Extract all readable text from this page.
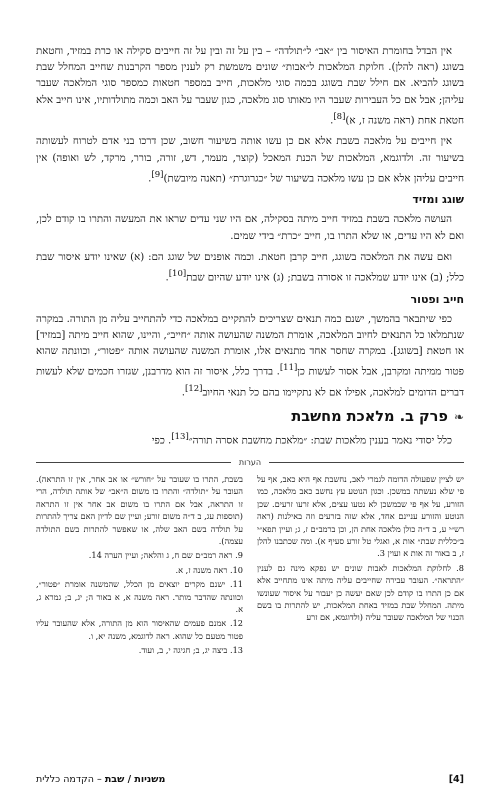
אין הבדל בחומרת האיסור בין ״אב״ ל״תולדה״ – בין על זה ובין על זה חייבים סקילה או כרת במזיד, וחטאת בשוגג (ראה להלן). חלוקת המלאכות ל״אבות״ שונים משמשת רק לענין מספר הקרבנות שחייב המחלל שבת בשוגג להביא. אם חילל שבת בשוגג בכמה סוגי מלאכות, חייב במספר חטאות כמספר סוגי המלאכה שעבר עליהן; אבל אם כל העבירות שעבר היו מאותו סוג מלאכה, כגון שעבר על האב וכמה מתולדותיו, אינו חייב אלא חטאת אחת (ראה משנה ז, א)[8].

אין חייבים על מלאכה בשבת אלא אם כן עשו אותה בשיעור חשוב, שכן דרכו בני אדם לטרוח לעשותה בשיעור זה. ולדוגמא, המלאכות של הכנת המאכל (קוצר, מעמר, דש, זורה, בורר, מרקד, לש ואופה) אין חייבים עליהן אלא אם כן עשו מלאכה בשיעור של ״כגרוגרת״ (תאנה מיובשת)[9].

שוגג ומזיד

העושה מלאכה בשבת במזיד חייב מיתה בסקילה, אם היו שני עדים שראו את המעשה והתרו בו קודם לכן, ואם לא היו עדים, או שלא התרו בו, חייב ״כרת״ בידי שמים.

ואם עשה את המלאכה בשוגג, חייב קרבן חטאת. וכמה אופנים של שוגג הם: (א) שאינו יודע איסור שבת כלל; (ב) אינו יודע שמלאכה זו אסורה בשבת; (ג) אינו יודע שהיום שבת[10].

חייב ופטור

כפי שיתבאר בהמשך, ישנם כמה תנאים שצריכים להתקיים במלאכה כדי להתחייב עליה מן התורה. במקרה שנתמלאו כל התנאים לחיוב המלאכה, אומרת המשנה שהעושה אותה ״חייב״, והיינו, שהוא חייב מיתה [במזיד] או חטאת [בשוגג]. במקרה שחסר אחד מתנאים אלו, אומרת המשנה שהעושה אותה ״פטור״, וכוונתה שהוא פטור ממיתה ומקרבן, אבל אסור לעשות כן[11]. בדרך כלל, איסור זה הוא מדרבנן, שגזרו חכמים שלא לעשות דברים הדומים למלאכה, אפילו אם לא נתקיימו בהם כל תנאי החיוב[12].

❧
פרק ב. מלאכת מחשבת

כלל יסודי נאמר בענין מלאכות שבת: ״מלאכת מחשבת אסרה תורה״[13]. כפי

הערות

יש לציין שפעולה הדומה לגמרי לאב, נחשבת אף היא כאב, אף על פי שלא נעשתה במשכן. וכגון הנוטע עץ נחשב כאב מלאכה, כמו הזורע, על אף פי שבמשכן לא נטעו עצים, אלא זרעו זרעים. שכן הנוטע והזורע עניינם אחד, אלא שזה בזרעים וזה באילנות (ראה רש״י ע, ב ד״ה כולן מלאכה אחת הן, וכן ברמב״ם ז, ג; ועיין תפא״י ב״כללית שבת״ אות א, ואגלי טל זורע סעיף א). ומה שכתבנו להלן ז, ב באור זה אות א ועוין 3.

8. לחלוקת המלאכות לאבות שונים יש נפקא מינה גם לענין ״התראה״. העובר עבירה שחייבים עליה מיתה אינו מתחייב אלא אם כן התרו בו קודם לכן שאם יעשה כן יעבור על איסור שעונשו מיתה. המחלל שבת במזיד באחת המלאכות, יש להתרות בו בשם הכנוי של המלאכה שעובר עליה (ולדוגמא, אם זרע

בשבת, התרו בו שעובר על ״חורש״ או אב אחר, אין זו התראה). העובר על ״תולדה״ והתרו בו משום ה״אב״ של אותה תולדה, הרי זו התראה, אבל אם התרו בו משום אב אחר אין זו התראה (תוספות עג, ב ד״ה משום זורע; ועיין שם לדיון האם צריך להתרות על תולדה בשם האב שלה, או שאפשר להתרות בשם התולדה עצמה).

9. ראה רמב״ם שם ח, ג והלאה; ועיין הערה 14.

10. ראה משנה ז, א.

11. ישנם מקרים יוצאים מן הכלל, שהמשנה אומרת ״פטור״, וכוונתה שהדבר מותר. ראה משנה א, א באור ה; יג, ב; גמרא ג, א.

12. אמנם פעמים שהאיסור הוא מן התורה, אלא שהעובר עליו פטור מטעם כל שהוא. ראה לדוגמא, משנה יא, ו.

13. ביצה יג, ב; חגיגה י, ב, ועוד.

[4]
משניות / שבת – הקדמה כללית
